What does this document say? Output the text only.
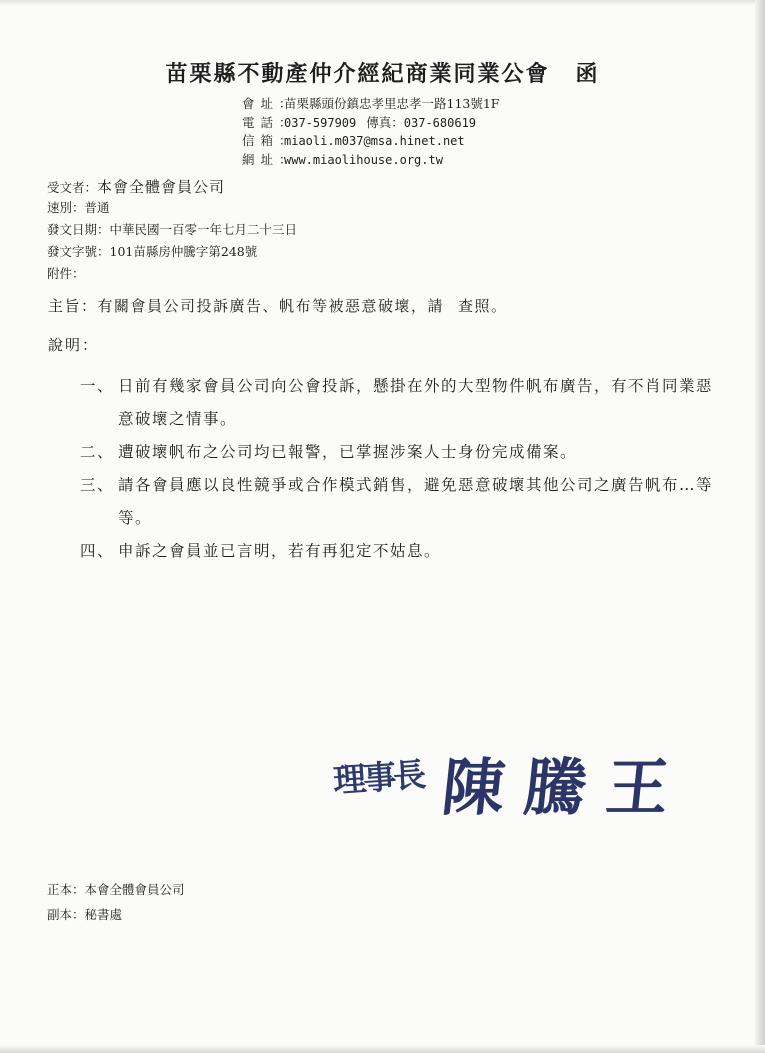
苗栗縣不動產仲介經紀商業同業公會 函
會址：
苗栗縣頭份鎮忠孝里忠孝一路113號1F
電話：
037-597909 傳真： 037-680619
信箱：
miaoli.m037@msa.hinet.net
網址：
www.miaolihouse.org.tw
受文者： 本會全體會員公司
速別： 普通
發文日期： 中華民國一百零一年七月二十三日
發文字號： 101苗縣房仲騰字第248號
附件：
主旨：有關會員公司投訴廣告、帆布等被惡意破壞，請 查照。
說明：
一、 日前有幾家會員公司向公會投訴，懸掛在外的大型物件帆布廣告，有不肖同業惡意破壞之情事。
二、 遭破壞帆布之公司均已報警，已掌握涉案人士身份完成備案。
三、 請各會員應以良性競爭或合作模式銷售，避免惡意破壞其他公司之廣告帆布…等等。
四、 申訴之會員並已言明，若有再犯定不姑息。
理事長 陳騰王
正本：本會全體會員公司
副本：秘書處
